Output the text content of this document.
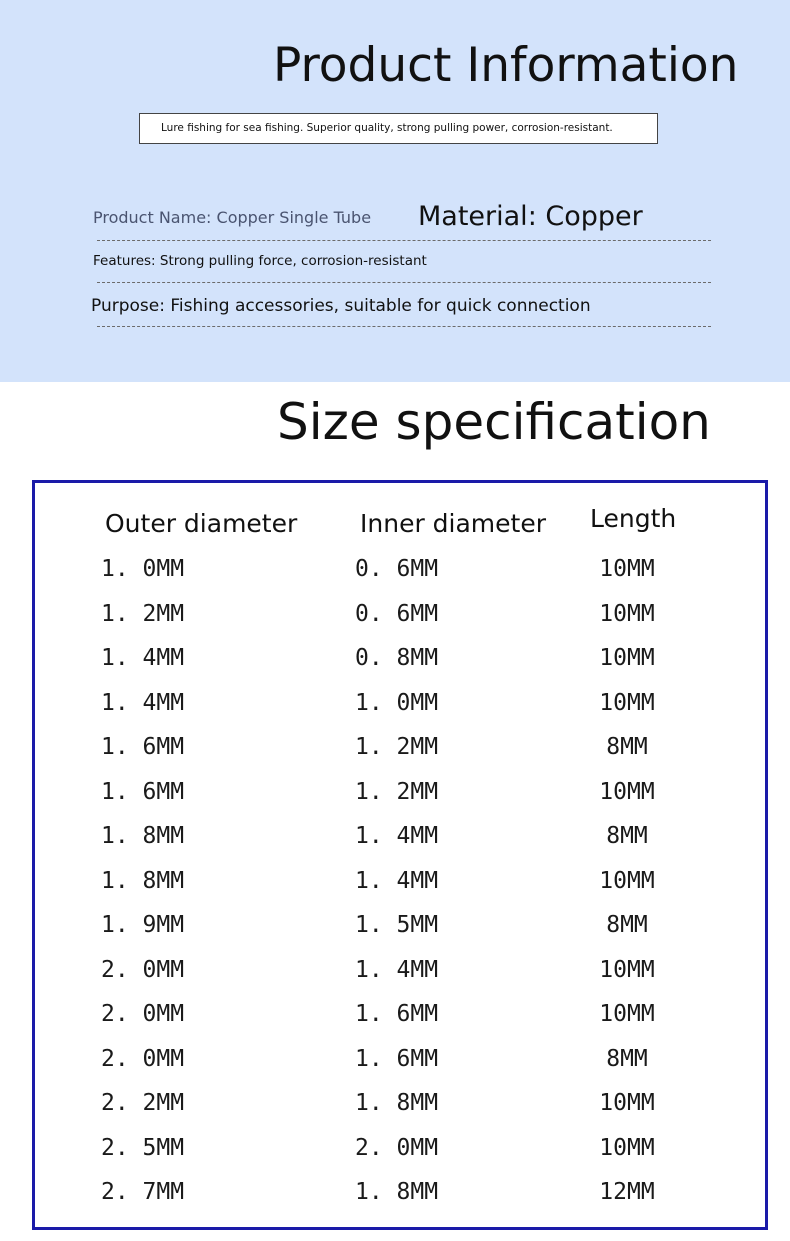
Product Information
Lure fishing for sea fishing. Superior quality, strong pulling power, corrosion-resistant.
Product Name: Copper Single Tube Material: Copper
Features: Strong pulling force, corrosion-resistant
Purpose: Fishing accessories, suitable for quick connection
Size specification
Outer diameter	Inner diameter Length
1. 0MM	0. 6MM	10MM
1. 2MM	0. 6MM	10MM
1. 4MM	0. 8MM	10MM
1. 4MM	1. 0MM	10MM
1. 6MM	1. 2MM	8MM
1. 6MM	1. 2MM	10MM
1. 8MM	1. 4MM	8MM
1. 8MM	1. 4MM	10MM
1. 9MM	1. 5MM	8MM
2. 0MM	1. 4MM	10MM
2. 0MM	1. 6MM	10MM
2. 0MM	1. 6MM	8MM
2. 2MM	1. 8MM	10MM
2. 5MM	2. 0MM	10MM
2. 7MM	1. 8MM	12MM
